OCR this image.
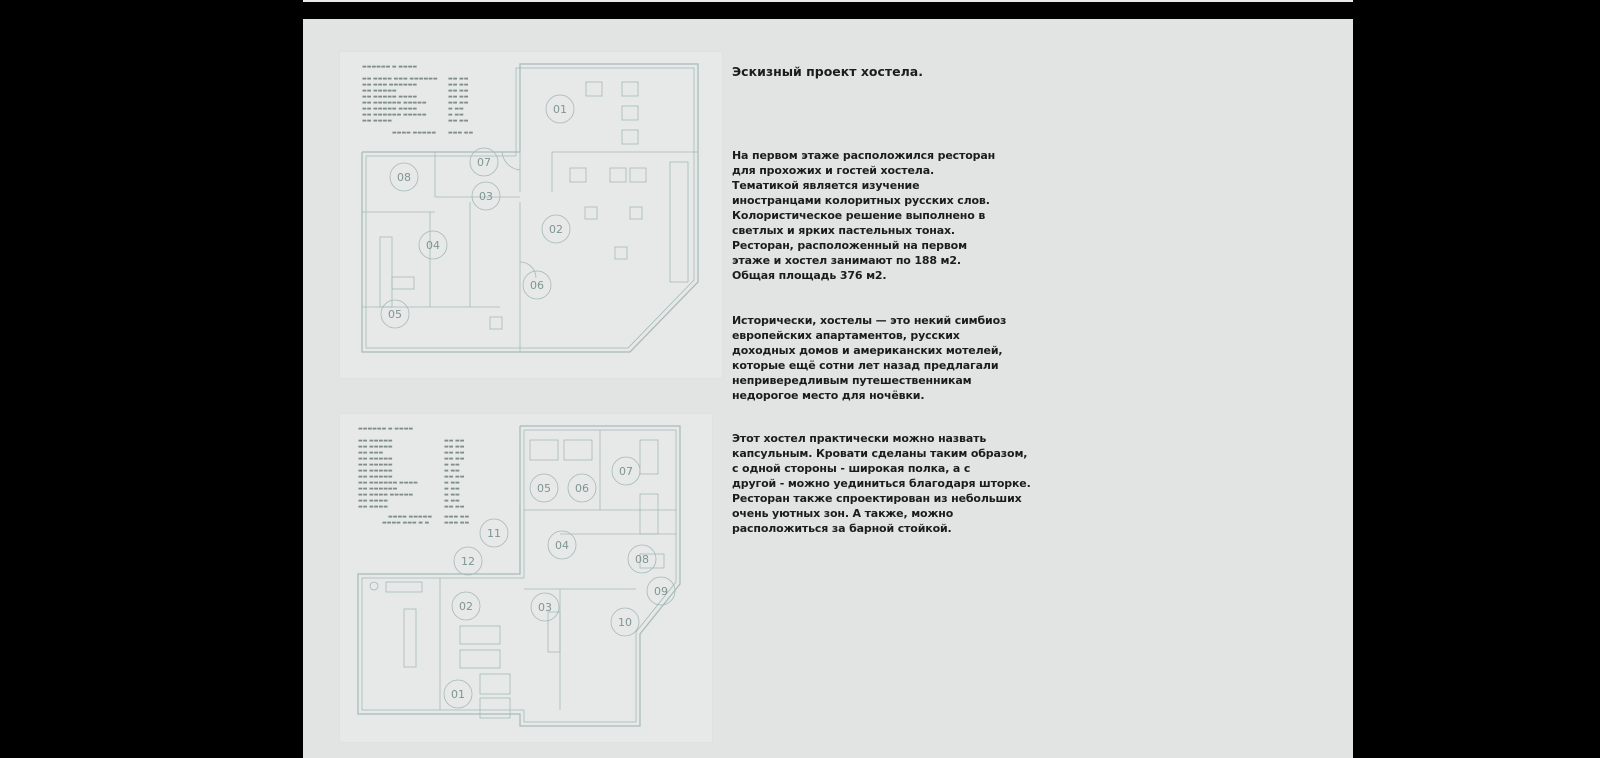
▬▬▬▬▬▬ ▬ ▬▬▬▬
▬▬ ▬▬▬▬ ▬▬▬ ▬▬▬▬▬▬	▬▬ ▬▬
▬▬ ▬▬▬ ▬▬▬▬▬▬	▬▬ ▬▬
▬▬ ▬▬▬▬▬	▬▬ ▬▬
▬▬ ▬▬▬▬▬ ▬▬▬▬	▬▬ ▬▬
▬▬ ▬▬▬▬▬▬ ▬▬▬▬▬	▬▬ ▬▬
▬▬ ▬▬▬▬▬ ▬▬▬▬	▬ ▬▬
▬▬ ▬▬▬▬▬▬ ▬▬▬▬▬	▬ ▬▬
▬▬ ▬▬▬▬	▬▬ ▬▬
▬▬▬▬ ▬▬▬▬▬	▬▬▬ ▬▬
01
02
03
04
05
06
07
08
▬▬▬▬▬▬ ▬ ▬▬▬▬
▬▬ ▬▬▬▬▬	▬▬ ▬▬
▬▬ ▬▬▬▬▬	▬▬ ▬▬
▬▬ ▬▬▬	▬▬ ▬▬
▬▬ ▬▬▬▬▬	▬▬ ▬▬
▬▬ ▬▬▬▬▬	▬ ▬▬
▬▬ ▬▬▬▬▬	▬ ▬▬
▬▬ ▬▬▬▬▬	▬▬ ▬▬
▬▬ ▬▬▬▬▬▬ ▬▬▬▬	▬ ▬▬
▬▬ ▬▬▬▬▬▬	▬ ▬▬
▬▬ ▬▬▬▬ ▬▬▬▬▬	▬ ▬▬
▬▬ ▬▬▬▬	▬ ▬▬
▬▬ ▬▬▬▬	▬▬ ▬▬
▬▬▬▬ ▬▬▬▬▬	▬▬▬ ▬▬
▬▬▬▬ ▬▬▬ ▬ ▬	▬▬▬ ▬▬
01
02	03
04
05 06
07
08
09
10
11
12
Эскизный проект хостела.
На первом этаже расположился ресторан
для прохожих и гостей хостела.
Тематикой является изучение
иностранцами колоритных русских слов.
Колористическое решение выполнено в
светлых и ярких пастельных тонах.
Ресторан, расположенный на первом
этаже и хостел занимают по 188 м2.
Общая площадь 376 м2.
Исторически, хостелы — это некий симбиоз
европейских апартаментов, русских
доходных домов и американских мотелей,
которые ещё сотни лет назад предлагали
непривередливым путешественникам
недорогое место для ночёвки.
Этот хостел практически можно назвать
капсульным. Кровати сделаны таким образом,
с одной стороны - широкая полка, а с
другой - можно уединиться благодаря шторке.
Ресторан также спроектирован из небольших
очень уютных зон. А также, можно
расположиться за барной стойкой.
